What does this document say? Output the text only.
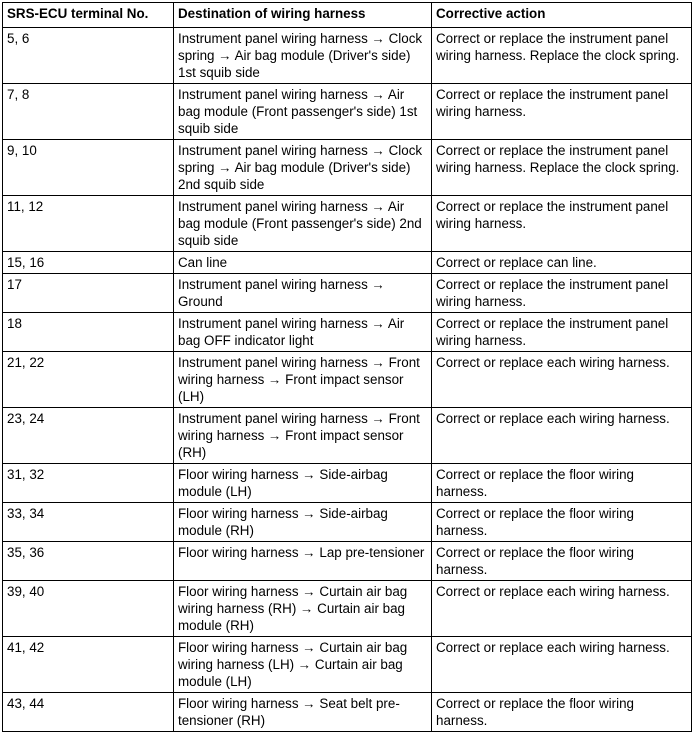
SRS-ECU terminal No.	Destination of wiring harness	Corrective action
5, 6	Instrument panel wiring harness → Clock spring → Air bag module (Driver's side) 1st squib side	Correct or replace the instrument panel wiring harness. Replace the clock spring.
7, 8	Instrument panel wiring harness → Air bag module (Front passenger's side) 1st squib side	Correct or replace the instrument panel wiring harness.
9, 10	Instrument panel wiring harness → Clock spring → Air bag module (Driver's side) 2nd squib side	Correct or replace the instrument panel wiring harness. Replace the clock spring.
11, 12	Instrument panel wiring harness → Air bag module (Front passenger's side) 2nd squib side	Correct or replace the instrument panel wiring harness.
15, 16	Can line	Correct or replace can line.
17	Instrument panel wiring harness → Ground	Correct or replace the instrument panel wiring harness.
18	Instrument panel wiring harness → Air bag OFF indicator light	Correct or replace the instrument panel wiring harness.
21, 22	Instrument panel wiring harness → Front wiring harness → Front impact sensor (LH)	Correct or replace each wiring harness.
23, 24	Instrument panel wiring harness → Front wiring harness → Front impact sensor (RH)	Correct or replace each wiring harness.
31, 32	Floor wiring harness → Side-airbag module (LH)	Correct or replace the floor wiring harness.
33, 34	Floor wiring harness → Side-airbag module (RH)	Correct or replace the floor wiring harness.
35, 36	Floor wiring harness → Lap pre-tensioner	Correct or replace the floor wiring harness.
39, 40	Floor wiring harness → Curtain air bag wiring harness (RH) → Curtain air bag module (RH)	Correct or replace each wiring harness.
41, 42	Floor wiring harness → Curtain air bag wiring harness (LH) → Curtain air bag module (LH)	Correct or replace each wiring harness.
43, 44	Floor wiring harness → Seat belt pre-tensioner (RH)	Correct or replace the floor wiring harness.
